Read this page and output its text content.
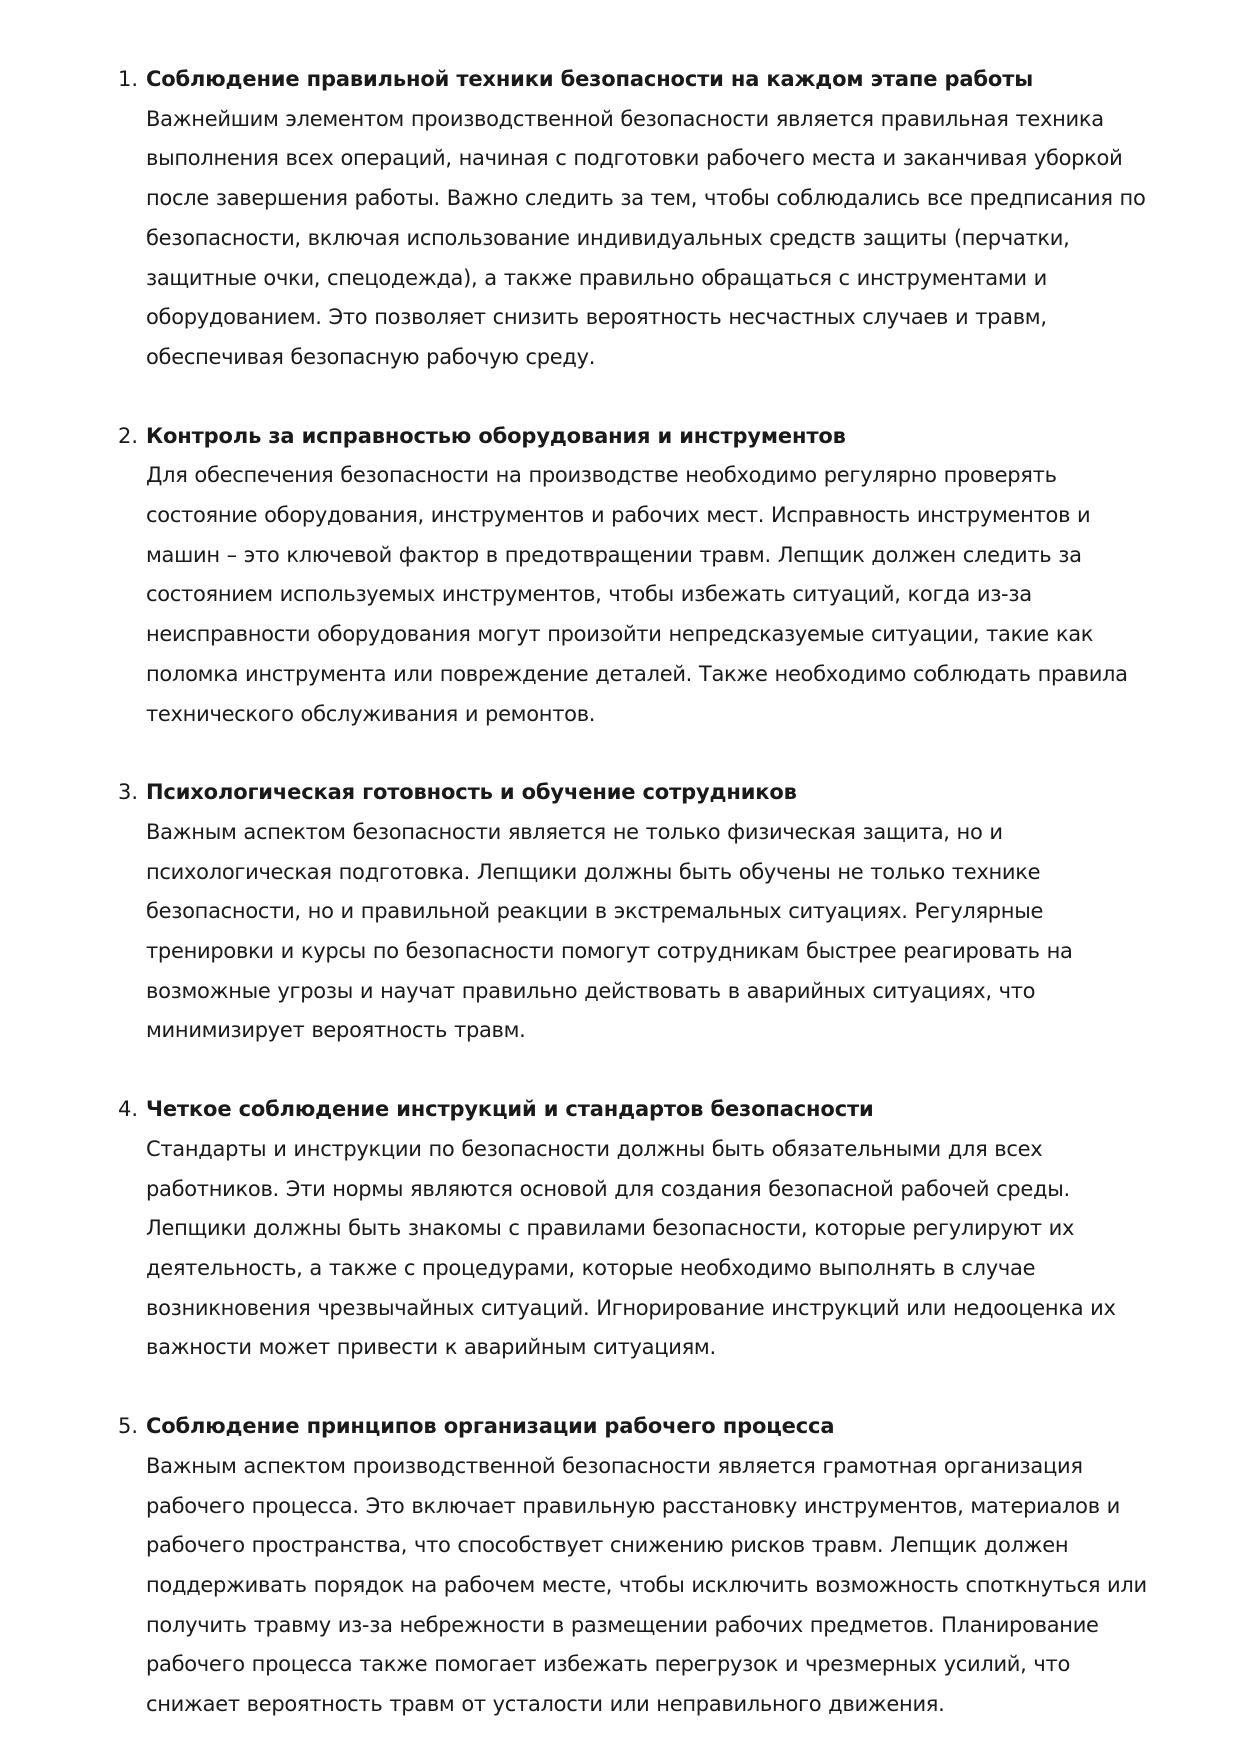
1. Соблюдение правильной техники безопасности на каждом этапе работы

Важнейшим элементом производственной безопасности является правильная техника выполнения всех операций, начиная с подготовки рабочего места и заканчивая уборкой после завершения работы. Важно следить за тем, чтобы соблюдались все предписания по безопасности, включая использование индивидуальных средств защиты (перчатки, защитные очки, спецодежда), а также правильно обращаться с инструментами и оборудованием. Это позволяет снизить вероятность несчастных случаев и травм, обеспечивая безопасную рабочую среду.

2. Контроль за исправностью оборудования и инструментов

Для обеспечения безопасности на производстве необходимо регулярно проверять состояние оборудования, инструментов и рабочих мест. Исправность инструментов и машин – это ключевой фактор в предотвращении травм. Лепщик должен следить за состоянием используемых инструментов, чтобы избежать ситуаций, когда из-за неисправности оборудования могут произойти непредсказуемые ситуации, такие как поломка инструмента или повреждение деталей. Также необходимо соблюдать правила технического обслуживания и ремонтов.

3. Психологическая готовность и обучение сотрудников

Важным аспектом безопасности является не только физическая защита, но и психологическая подготовка. Лепщики должны быть обучены не только технике безопасности, но и правильной реакции в экстремальных ситуациях. Регулярные тренировки и курсы по безопасности помогут сотрудникам быстрее реагировать на возможные угрозы и научат правильно действовать в аварийных ситуациях, что минимизирует вероятность травм.

4. Четкое соблюдение инструкций и стандартов безопасности

Стандарты и инструкции по безопасности должны быть обязательными для всех работников. Эти нормы являются основой для создания безопасной рабочей среды. Лепщики должны быть знакомы с правилами безопасности, которые регулируют их деятельность, а также с процедурами, которые необходимо выполнять в случае возникновения чрезвычайных ситуаций. Игнорирование инструкций или недооценка их важности может привести к аварийным ситуациям.

5. Соблюдение принципов организации рабочего процесса

Важным аспектом производственной безопасности является грамотная организация рабочего процесса. Это включает правильную расстановку инструментов, материалов и рабочего пространства, что способствует снижению рисков травм. Лепщик должен поддерживать порядок на рабочем месте, чтобы исключить возможность споткнуться или получить травму из-за небрежности в размещении рабочих предметов. Планирование рабочего процесса также помогает избежать перегрузок и чрезмерных усилий, что снижает вероятность травм от усталости или неправильного движения.
